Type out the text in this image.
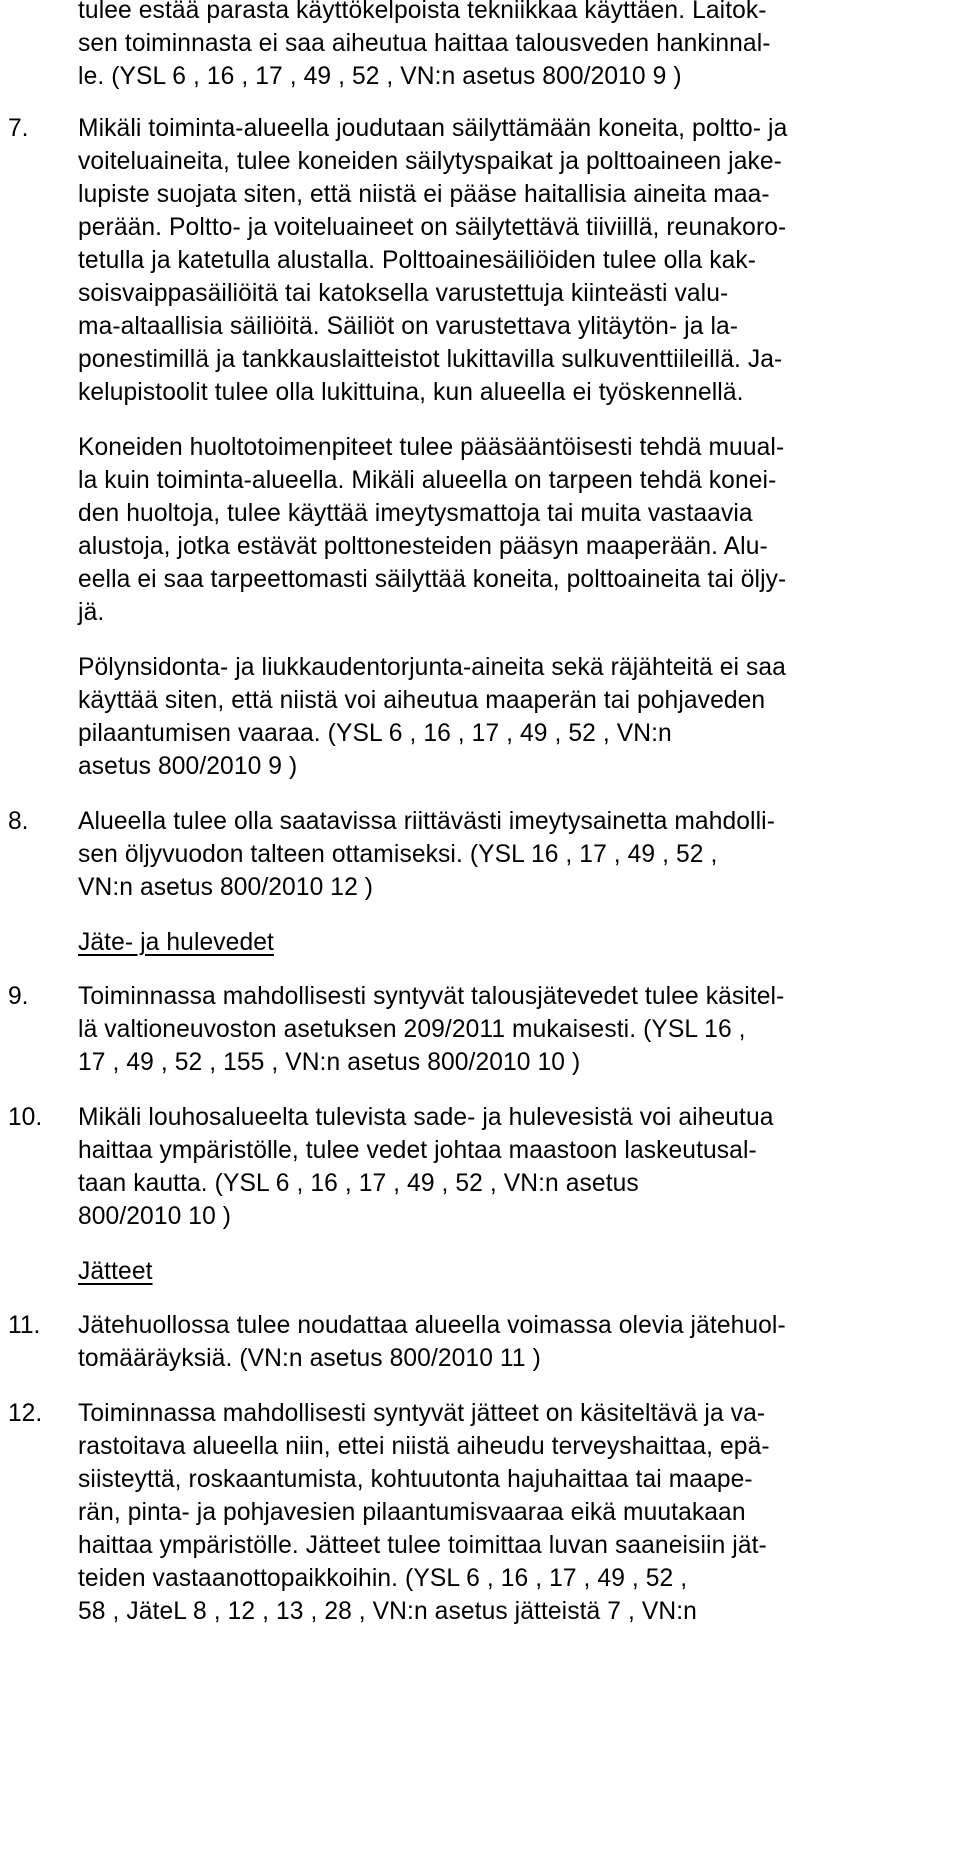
tulee estää parasta käyttökelpoista tekniikkaa käyttäen. Laitok-
sen toiminnasta ei saa aiheutua haittaa talousveden hankinnal-
le. (YSL 6 , 16 , 17 , 49 , 52 , VN:n asetus 800/2010 9 )
7. Mikäli toiminta-alueella joudutaan säilyttämään koneita, poltto- ja
voiteluaineita, tulee koneiden säilytyspaikat ja polttoaineen jake-
lupiste suojata siten, että niistä ei pääse haitallisia aineita maa-
perään. Poltto- ja voiteluaineet on säilytettävä tiiviillä, reunakoro-
tetulla ja katetulla alustalla. Polttoainesäiliöiden tulee olla kak-
soisvaippasäiliöitä tai katoksella varustettuja kiinteästi valu-
ma-altaallisia säiliöitä. Säiliöt on varustettava ylitäytön- ja la-
ponestimillä ja tankkauslaitteistot lukittavilla sulkuventtiileillä. Ja-
kelupistoolit tulee olla lukittuina, kun alueella ei työskennellä.
Koneiden huoltotoimenpiteet tulee pääsääntöisesti tehdä muual-
la kuin toiminta-alueella. Mikäli alueella on tarpeen tehdä konei-
den huoltoja, tulee käyttää imeytysmattoja tai muita vastaavia
alustoja, jotka estävät polttonesteiden pääsyn maaperään. Alu-
eella ei saa tarpeettomasti säilyttää koneita, polttoaineita tai öljy-
jä.
Pölynsidonta- ja liukkaudentorjunta-aineita sekä räjähteitä ei saa
käyttää siten, että niistä voi aiheutua maaperän tai pohjaveden
pilaantumisen vaaraa. (YSL 6 , 16 , 17 , 49 , 52 , VN:n
asetus 800/2010 9 )
8. Alueella tulee olla saatavissa riittävästi imeytysainetta mahdolli-
sen öljyvuodon talteen ottamiseksi. (YSL 16 , 17 , 49 , 52 ,
VN:n asetus 800/2010 12 )
Jäte- ja hulevedet
9. Toiminnassa mahdollisesti syntyvät talousjätevedet tulee käsitel-
lä valtioneuvoston asetuksen 209/2011 mukaisesti. (YSL 16 ,
17 , 49 , 52 , 155 , VN:n asetus 800/2010 10 )
10. Mikäli louhosalueelta tulevista sade- ja hulevesistä voi aiheutua
haittaa ympäristölle, tulee vedet johtaa maastoon laskeutusal-
taan kautta. (YSL 6 , 16 , 17 , 49 , 52 , VN:n asetus
800/2010 10 )
Jätteet
11. Jätehuollossa tulee noudattaa alueella voimassa olevia jätehuol-
tomääräyksiä. (VN:n asetus 800/2010 11 )
12. Toiminnassa mahdollisesti syntyvät jätteet on käsiteltävä ja va-
rastoitava alueella niin, ettei niistä aiheudu terveyshaittaa, epä-
siisteyttä, roskaantumista, kohtuutonta hajuhaittaa tai maape-
rän, pinta- ja pohjavesien pilaantumisvaaraa eikä muutakaan
haittaa ympäristölle. Jätteet tulee toimittaa luvan saaneisiin jät-
teiden vastaanottopaikkoihin. (YSL 6 , 16 , 17 , 49 , 52 ,
58 , JäteL 8 , 12 , 13 , 28 , VN:n asetus jätteistä 7 , VN:n
